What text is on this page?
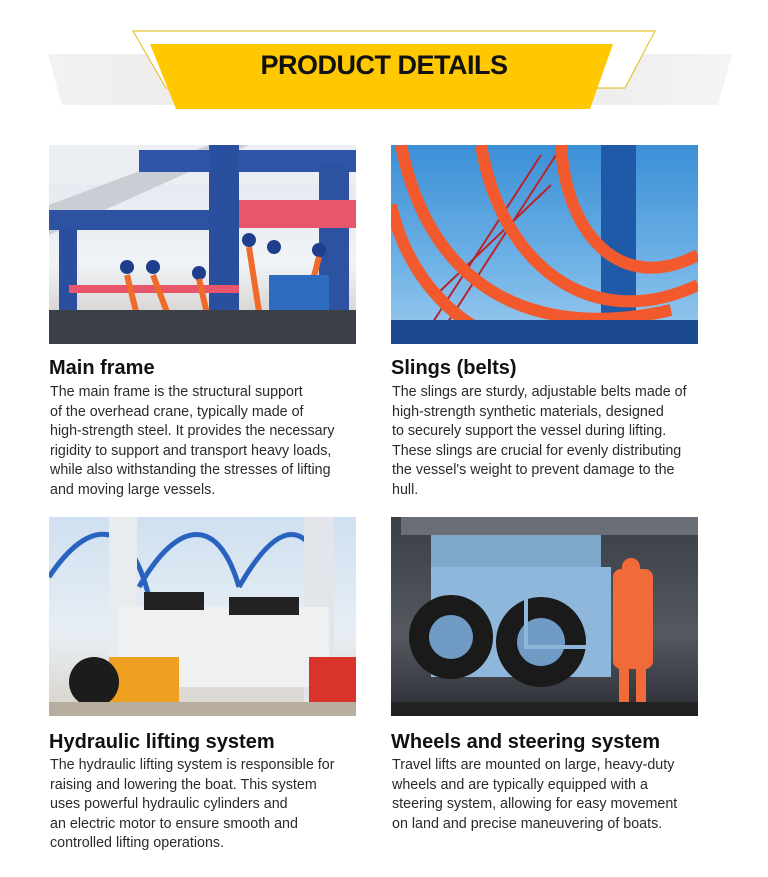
PRODUCT DETAILS
Main frame
The main frame is the structural support
of the overhead crane, typically made of
high-strength steel. It provides the necessary
rigidity to support and transport heavy loads,
while also withstanding the stresses of lifting
and moving large vessels.
Slings (belts)
The slings are sturdy, adjustable belts made of
high-strength synthetic materials, designed
to securely support the vessel during lifting.
These slings are crucial for evenly distributing
the vessel's weight to prevent damage to the
hull.
Hydraulic lifting system
The hydraulic lifting system is responsible for
raising and lowering the boat. This system
uses powerful hydraulic cylinders and
an electric motor to ensure smooth and
controlled lifting operations.
Wheels and steering system
Travel lifts are mounted on large, heavy-duty
wheels and are typically equipped with a
steering system, allowing for easy movement
on land and precise maneuvering of boats.
